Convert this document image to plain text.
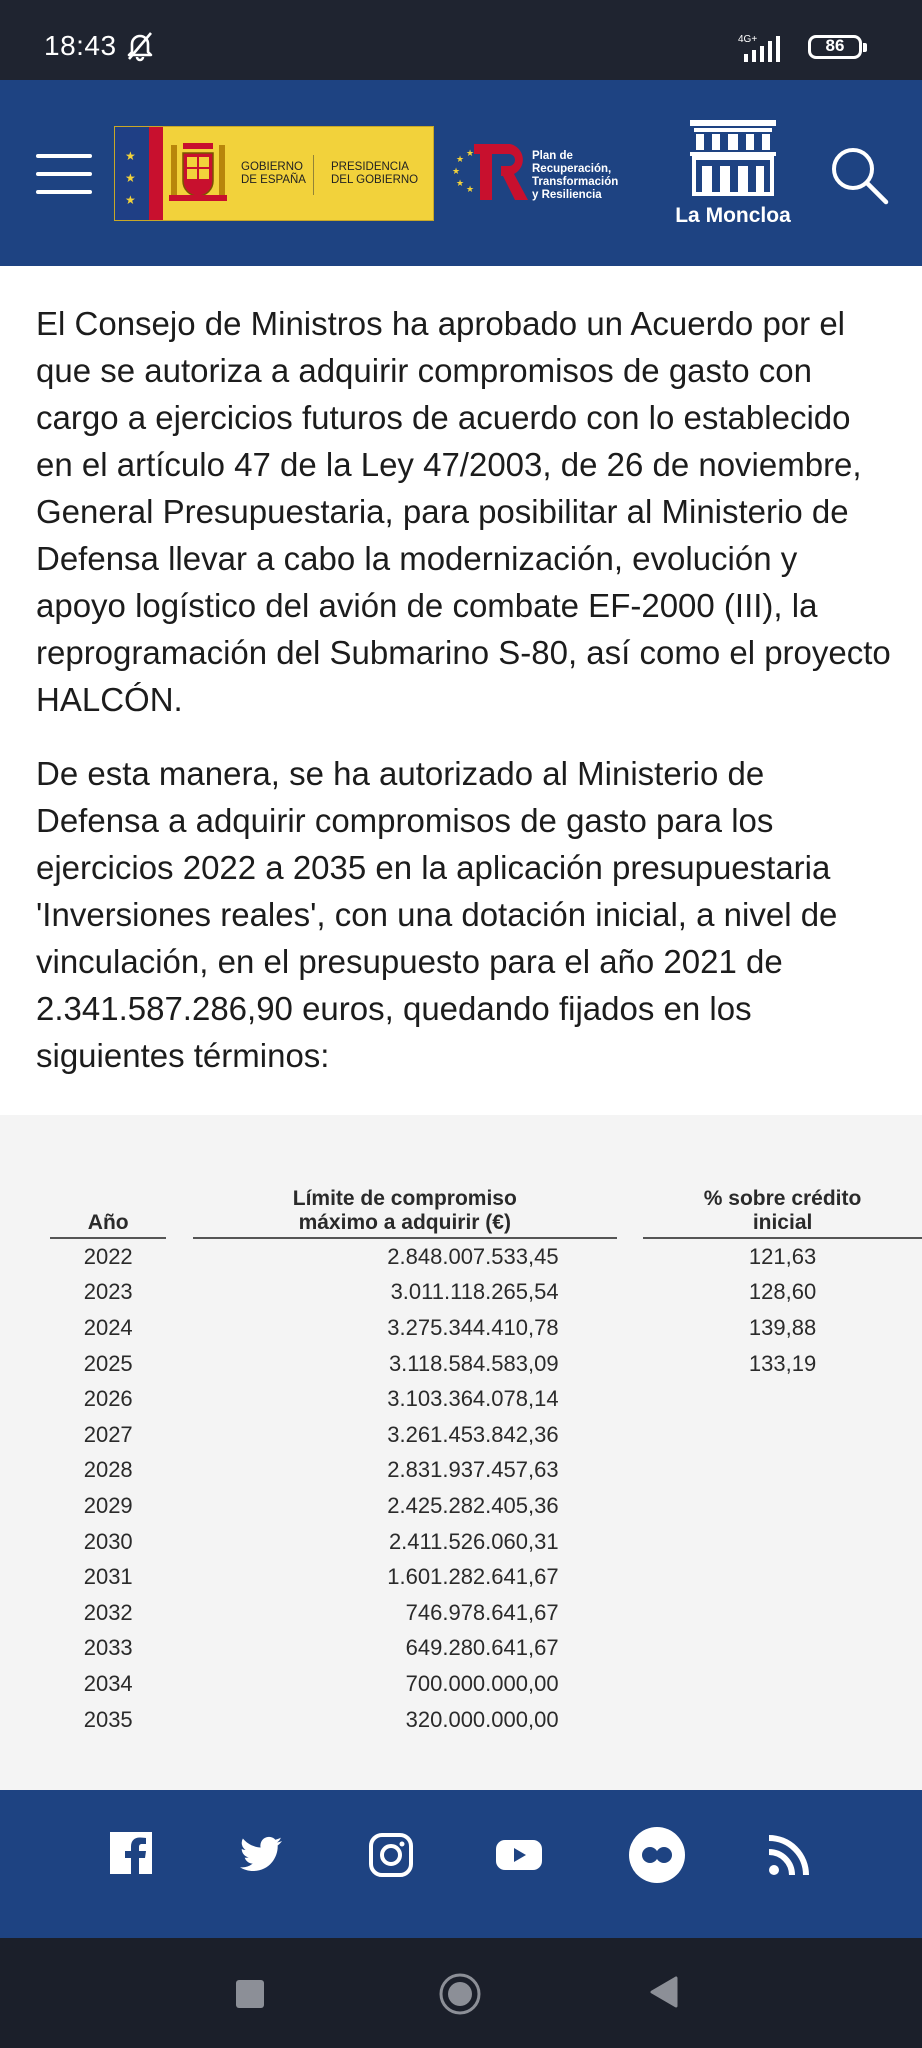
18:43	4G+	86
★ ★ ★
GOBIERNO
DE ESPAÑA
PRESIDENCIA
DEL GOBIERNO
★
★
★
★
★
Plan de
Recuperación,
Transformación
y Resiliencia
La Moncloa

El Consejo de Ministros ha aprobado un Acuerdo por el que se autoriza a adquirir compromisos de gasto con cargo a ejercicios futuros de acuerdo con lo establecido en el artículo 47 de la Ley 47/2003, de 26 de noviembre, General Presupuestaria, para posibilitar al Ministerio de Defensa llevar a cabo la modernización, evolución y apoyo logístico del avión de combate EF-2000 (III), la reprogramación del Submarino S-80, así como el proyecto HALCÓN.

De esta manera, se ha autorizado al Ministerio de Defensa a adquirir compromisos de gasto para los ejercicios 2022 a 2035 en la aplicación presupuestaria 'Inversiones reales', con una dotación inicial, a nivel de vinculación, en el presupuesto para el año 2021 de 2.341.587.286,90 euros, quedando fijados en los siguientes términos:

Año		Límite de compromiso
máximo a adquirir (€)		% sobre crédito
inicial
2022		2.848.007.533,45		121,63
2023		3.011.118.265,54		128,60
2024		3.275.344.410,78		139,88
2025		3.118.584.583,09		133,19
2026		3.103.364.078,14		
2027		3.261.453.842,36		
2028		2.831.937.457,63		
2029		2.425.282.405,36		
2030		2.411.526.060,31		
2031		1.601.282.641,67		
2032		746.978.641,67		
2033		649.280.641,67		
2034		700.000.000,00		
2035		320.000.000,00		
